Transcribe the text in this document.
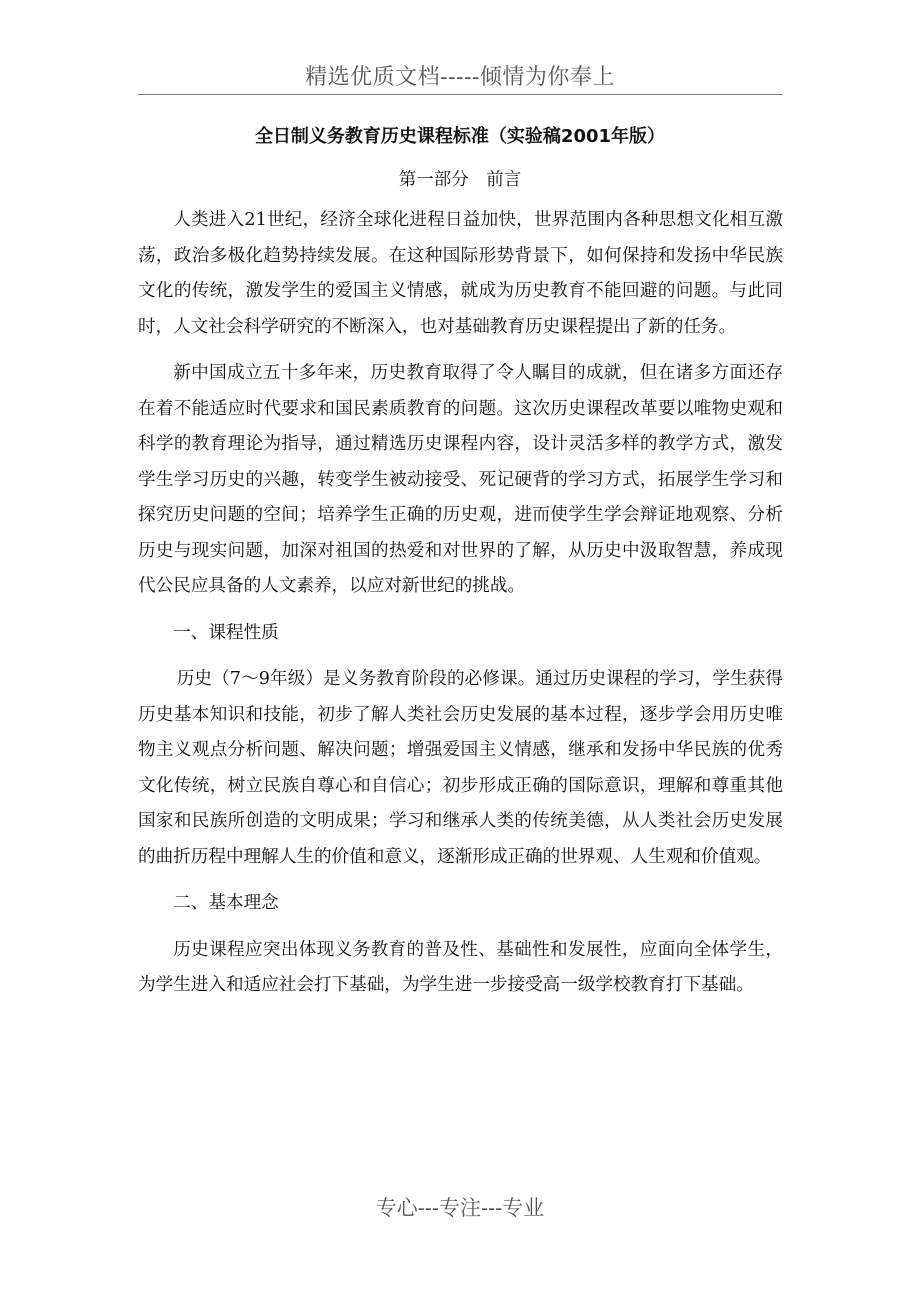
精选优质文档-----倾情为你奉上
全日制义务教育历史课程标准（实验稿2001年版）
第一部分　前言

人类进入21世纪，经济全球化进程日益加快，世界范围内各种思想文化相互激荡，政治多极化趋势持续发展。在这种国际形势背景下，如何保持和发扬中华民族文化的传统，激发学生的爱国主义情感，就成为历史教育不能回避的问题。与此同时，人文社会科学研究的不断深入，也对基础教育历史课程提出了新的任务。

新中国成立五十多年来，历史教育取得了令人瞩目的成就，但在诸多方面还存在着不能适应时代要求和国民素质教育的问题。这次历史课程改革要以唯物史观和科学的教育理论为指导，通过精选历史课程内容，设计灵活多样的教学方式，激发学生学习历史的兴趣，转变学生被动接受、死记硬背的学习方式，拓展学生学习和探究历史问题的空间；培养学生正确的历史观，进而使学生学会辩证地观察、分析历史与现实问题，加深对祖国的热爱和对世界的了解，从历史中汲取智慧，养成现代公民应具备的人文素养，以应对新世纪的挑战。

一、课程性质

历史（7～9年级）是义务教育阶段的必修课。通过历史课程的学习，学生获得历史基本知识和技能，初步了解人类社会历史发展的基本过程，逐步学会用历史唯物主义观点分析问题、解决问题；增强爱国主义情感，继承和发扬中华民族的优秀文化传统，树立民族自尊心和自信心；初步形成正确的国际意识，理解和尊重其他国家和民族所创造的文明成果；学习和继承人类的传统美德，从人类社会历史发展的曲折历程中理解人生的价值和意义，逐渐形成正确的世界观、人生观和价值观。

二、基本理念

历史课程应突出体现义务教育的普及性、基础性和发展性，应面向全体学生，为学生进入和适应社会打下基础，为学生进一步接受高一级学校教育打下基础。

专心---专注---专业
